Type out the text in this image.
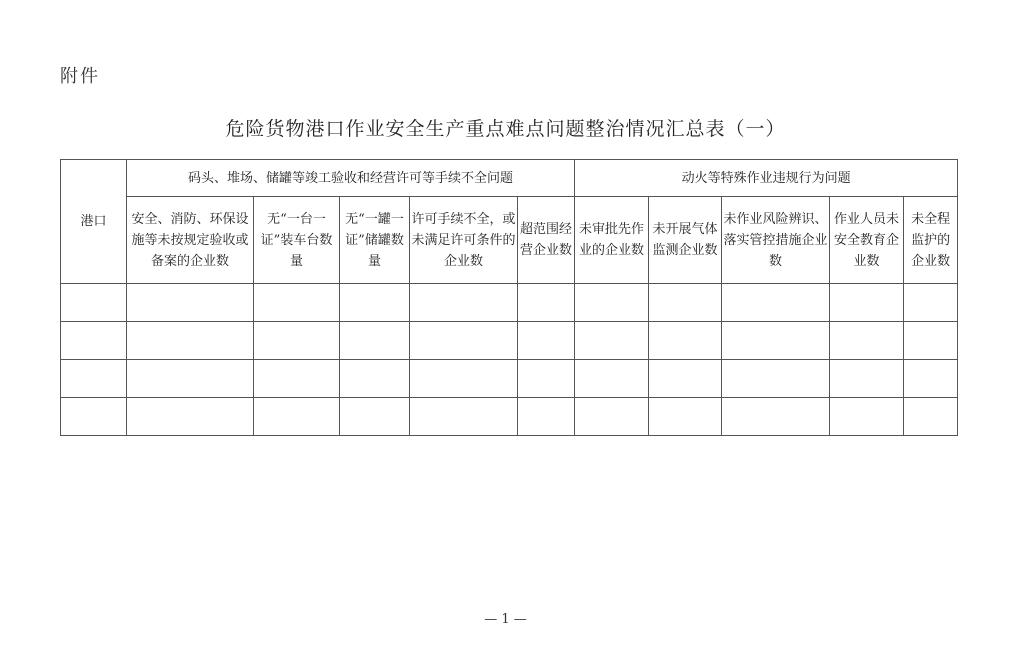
附件
危险货物港口作业安全生产重点难点问题整治情况汇总表（一）
港口	码头、堆场、储罐等竣工验收和经营许可等手续不全问题					动火等特殊作业违规行为问题				
	安全、消防、环保设施等未按规定验收或备案的企业数	无“一台一证”装车台数量	无“一罐一证”储罐数量	许可手续不全，或未满足许可条件的企业数	超范围经营企业数	未审批先作业的企业数	未开展气体监测企业数	未作业风险辨识、落实管控措施企业数	作业人员未安全教育企业数	未全程监护的企业数

— 1 —
